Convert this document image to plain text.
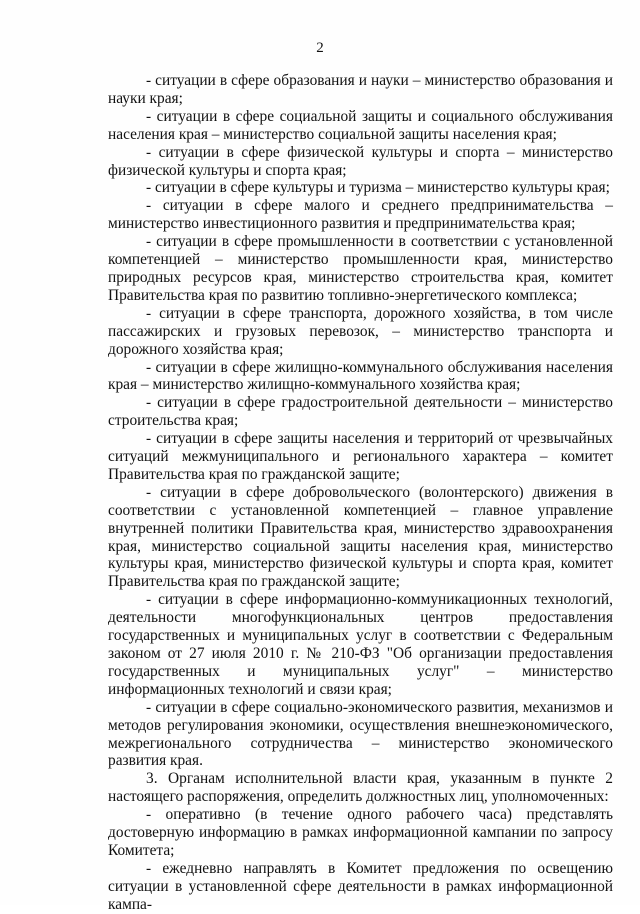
2

- ситуации в сфере образования и науки – министерство образования и науки края;

- ситуации в сфере социальной защиты и социального обслуживания населения края – министерство социальной защиты населения края;

- ситуации в сфере физической культуры и спорта – министерство физической культуры и спорта края;

- ситуации в сфере культуры и туризма – министерство культуры края;

- ситуации в сфере малого и среднего предпринимательства – министерство инвестиционного развития и предпринимательства края;

- ситуации в сфере промышленности в соответствии с установленной компетенцией – министерство промышленности края, министерство природных ресурсов края, министерство строительства края, комитет Правительства края по развитию топливно-энергетического комплекса;

- ситуации в сфере транспорта, дорожного хозяйства, в том числе пассажирских и грузовых перевозок, – министерство транспорта и дорожного хозяйства края;

- ситуации в сфере жилищно-коммунального обслуживания населения края – министерство жилищно-коммунального хозяйства края;

- ситуации в сфере градостроительной деятельности – министерство строительства края;

- ситуации в сфере защиты населения и территорий от чрезвычайных ситуаций межмуниципального и регионального характера – комитет Правительства края по гражданской защите;

- ситуации в сфере добровольческого (волонтерского) движения в соответствии с установленной компетенцией – главное управление внутренней политики Правительства края, министерство здравоохранения края, министерство социальной защиты населения края, министерство культуры края, министерство физической культуры и спорта края, комитет Правительства края по гражданской защите;

- ситуации в сфере информационно-коммуникационных технологий, деятельности многофункциональных центров предоставления государственных и муниципальных услуг в соответствии с Федеральным законом от 27 июля 2010 г. № 210-ФЗ "Об организации предоставления государственных и муниципальных услуг" – министерство информационных технологий и связи края;

- ситуации в сфере социально-экономического развития, механизмов и методов регулирования экономики, осуществления внешнеэкономического, межрегионального сотрудничества – министерство экономического развития края.

3. Органам исполнительной власти края, указанным в пункте 2 настоящего распоряжения, определить должностных лиц, уполномоченных:

- оперативно (в течение одного рабочего часа) представлять достоверную информацию в рамках информационной кампании по запросу Комитета;

- ежедневно направлять в Комитет предложения по освещению ситуации в установленной сфере деятельности в рамках информационной кампа-
